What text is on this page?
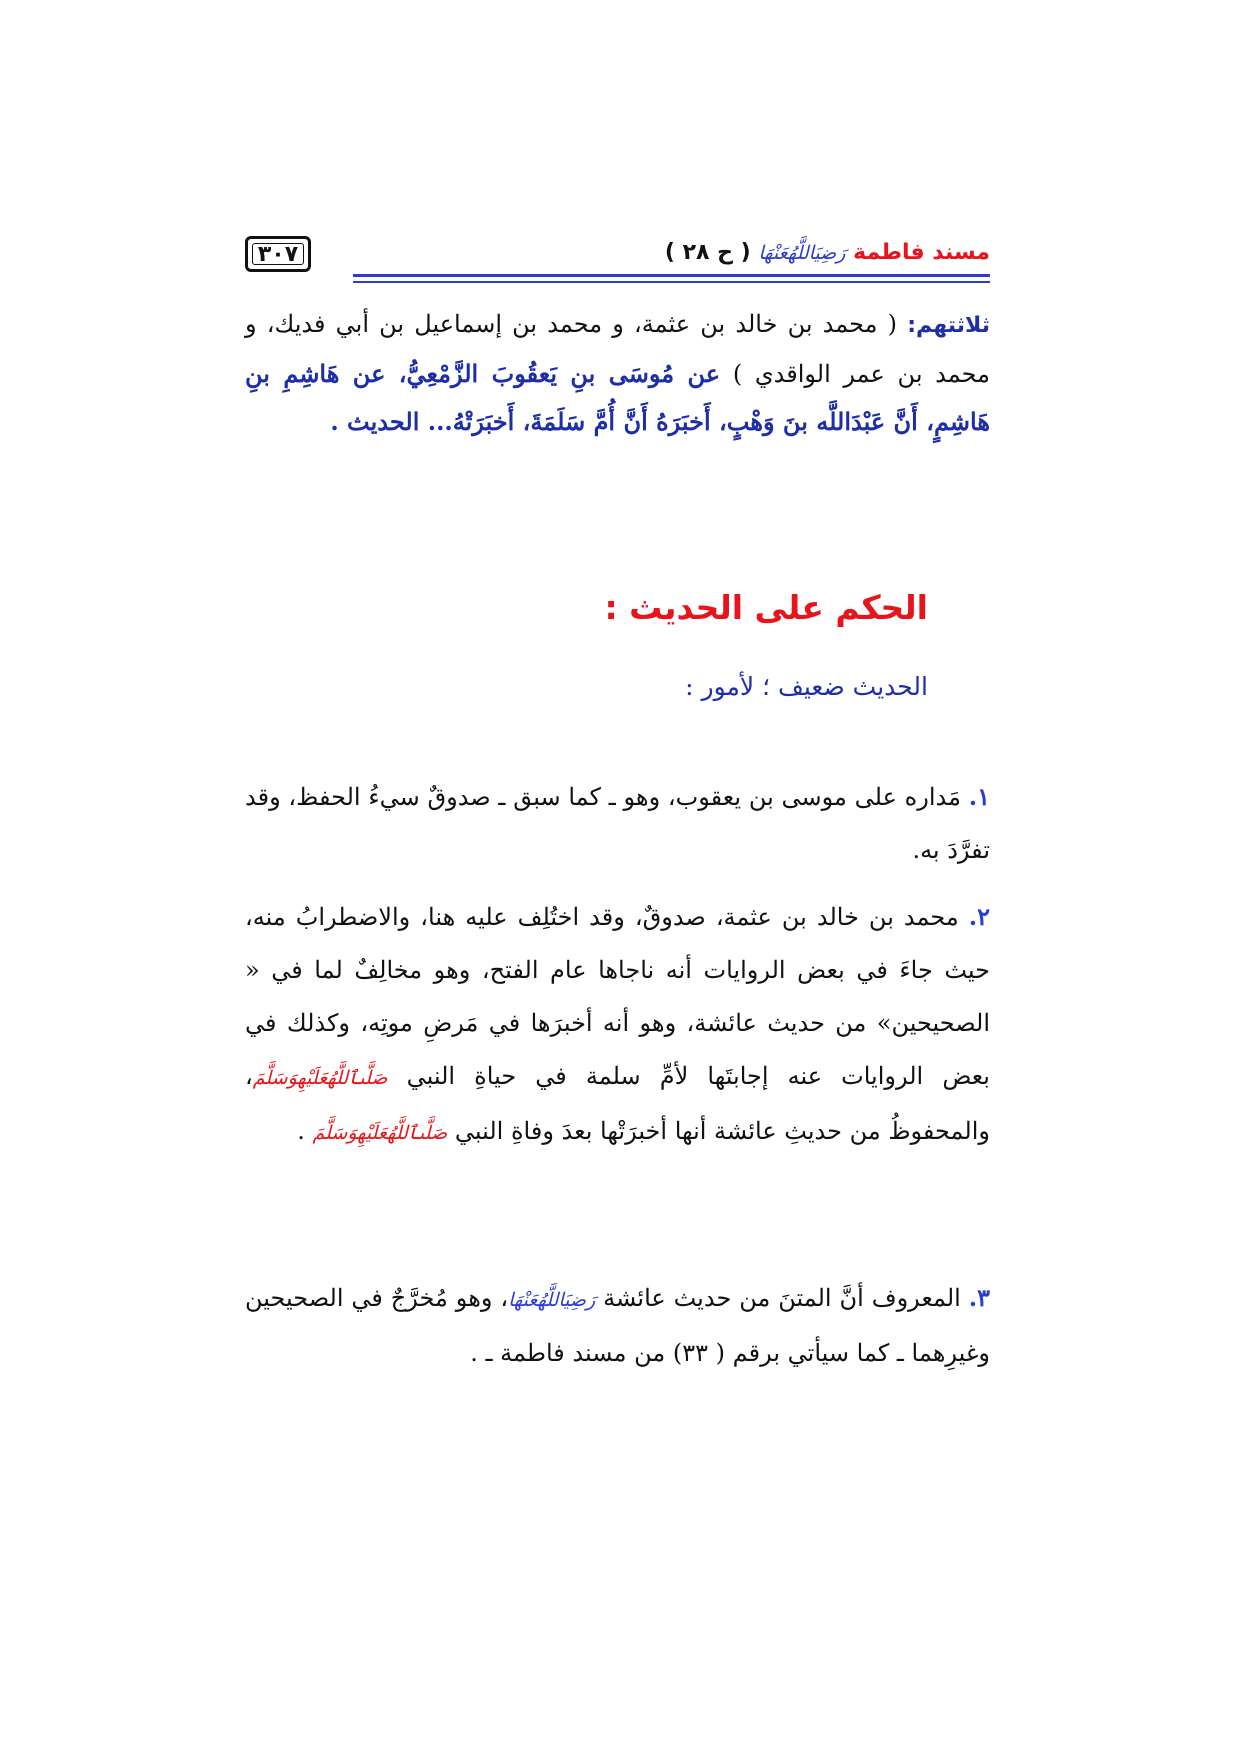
٣٠٧	مسند فاطمة رَضِيَاللَّهُعَنْهَا ( ح ٢٨ )
ثلاثتهم: ( محمد بن خالد بن عثمة، و محمد بن إسماعيل بن أبي فديك، و محمد بن عمر الواقدي ) عن مُوسَى بنِ يَعقُوبَ الزَّمْعِيُّ، عن هَاشِمِ بنِ هَاشِمٍ، أَنَّ عَبْدَاللَّه بنَ وَهْبٍ، أَخبَرَهُ أَنَّ أُمَّ سَلَمَةَ، أَخبَرَتْهُ... الحديث .
الحكم على الحديث :
الحديث ضعيف ؛ لأمور :
١. مَداره على موسى بن يعقوب، وهو ـ كما سبق ـ صدوقٌ سيءُ الحفظ، وقد تفرَّدَ به.
٢. محمد بن خالد بن عثمة، صدوقٌ، وقد اختُلِف عليه هنا، والاضطرابُ منه، حيث جاءَ في بعض الروايات أنه ناجاها عام الفتح، وهو مخالِفٌ لما في « الصحيحين» من حديث عائشة، وهو أنه أخبرَها في مَرضِ موتِه، وكذلك في بعض الروايات عنه إجابتَها لأمِّ سلمة في حياةِ النبي صَلَّىٱللَّهُعَلَيْهِوَسَلَّمَ، والمحفوظُ من حديثِ عائشة أنها أخبرَتْها بعدَ وفاةِ النبي صَلَّىٱللَّهُعَلَيْهِوَسَلَّمَ .
٣. المعروف أنَّ المتنَ من حديث عائشة رَضِيَاللَّهُعَنْهَا، وهو مُخرَّجٌ في الصحيحين وغيرِهما ـ كما سيأتي برقم ( ٣٣) من مسند فاطمة ـ .
